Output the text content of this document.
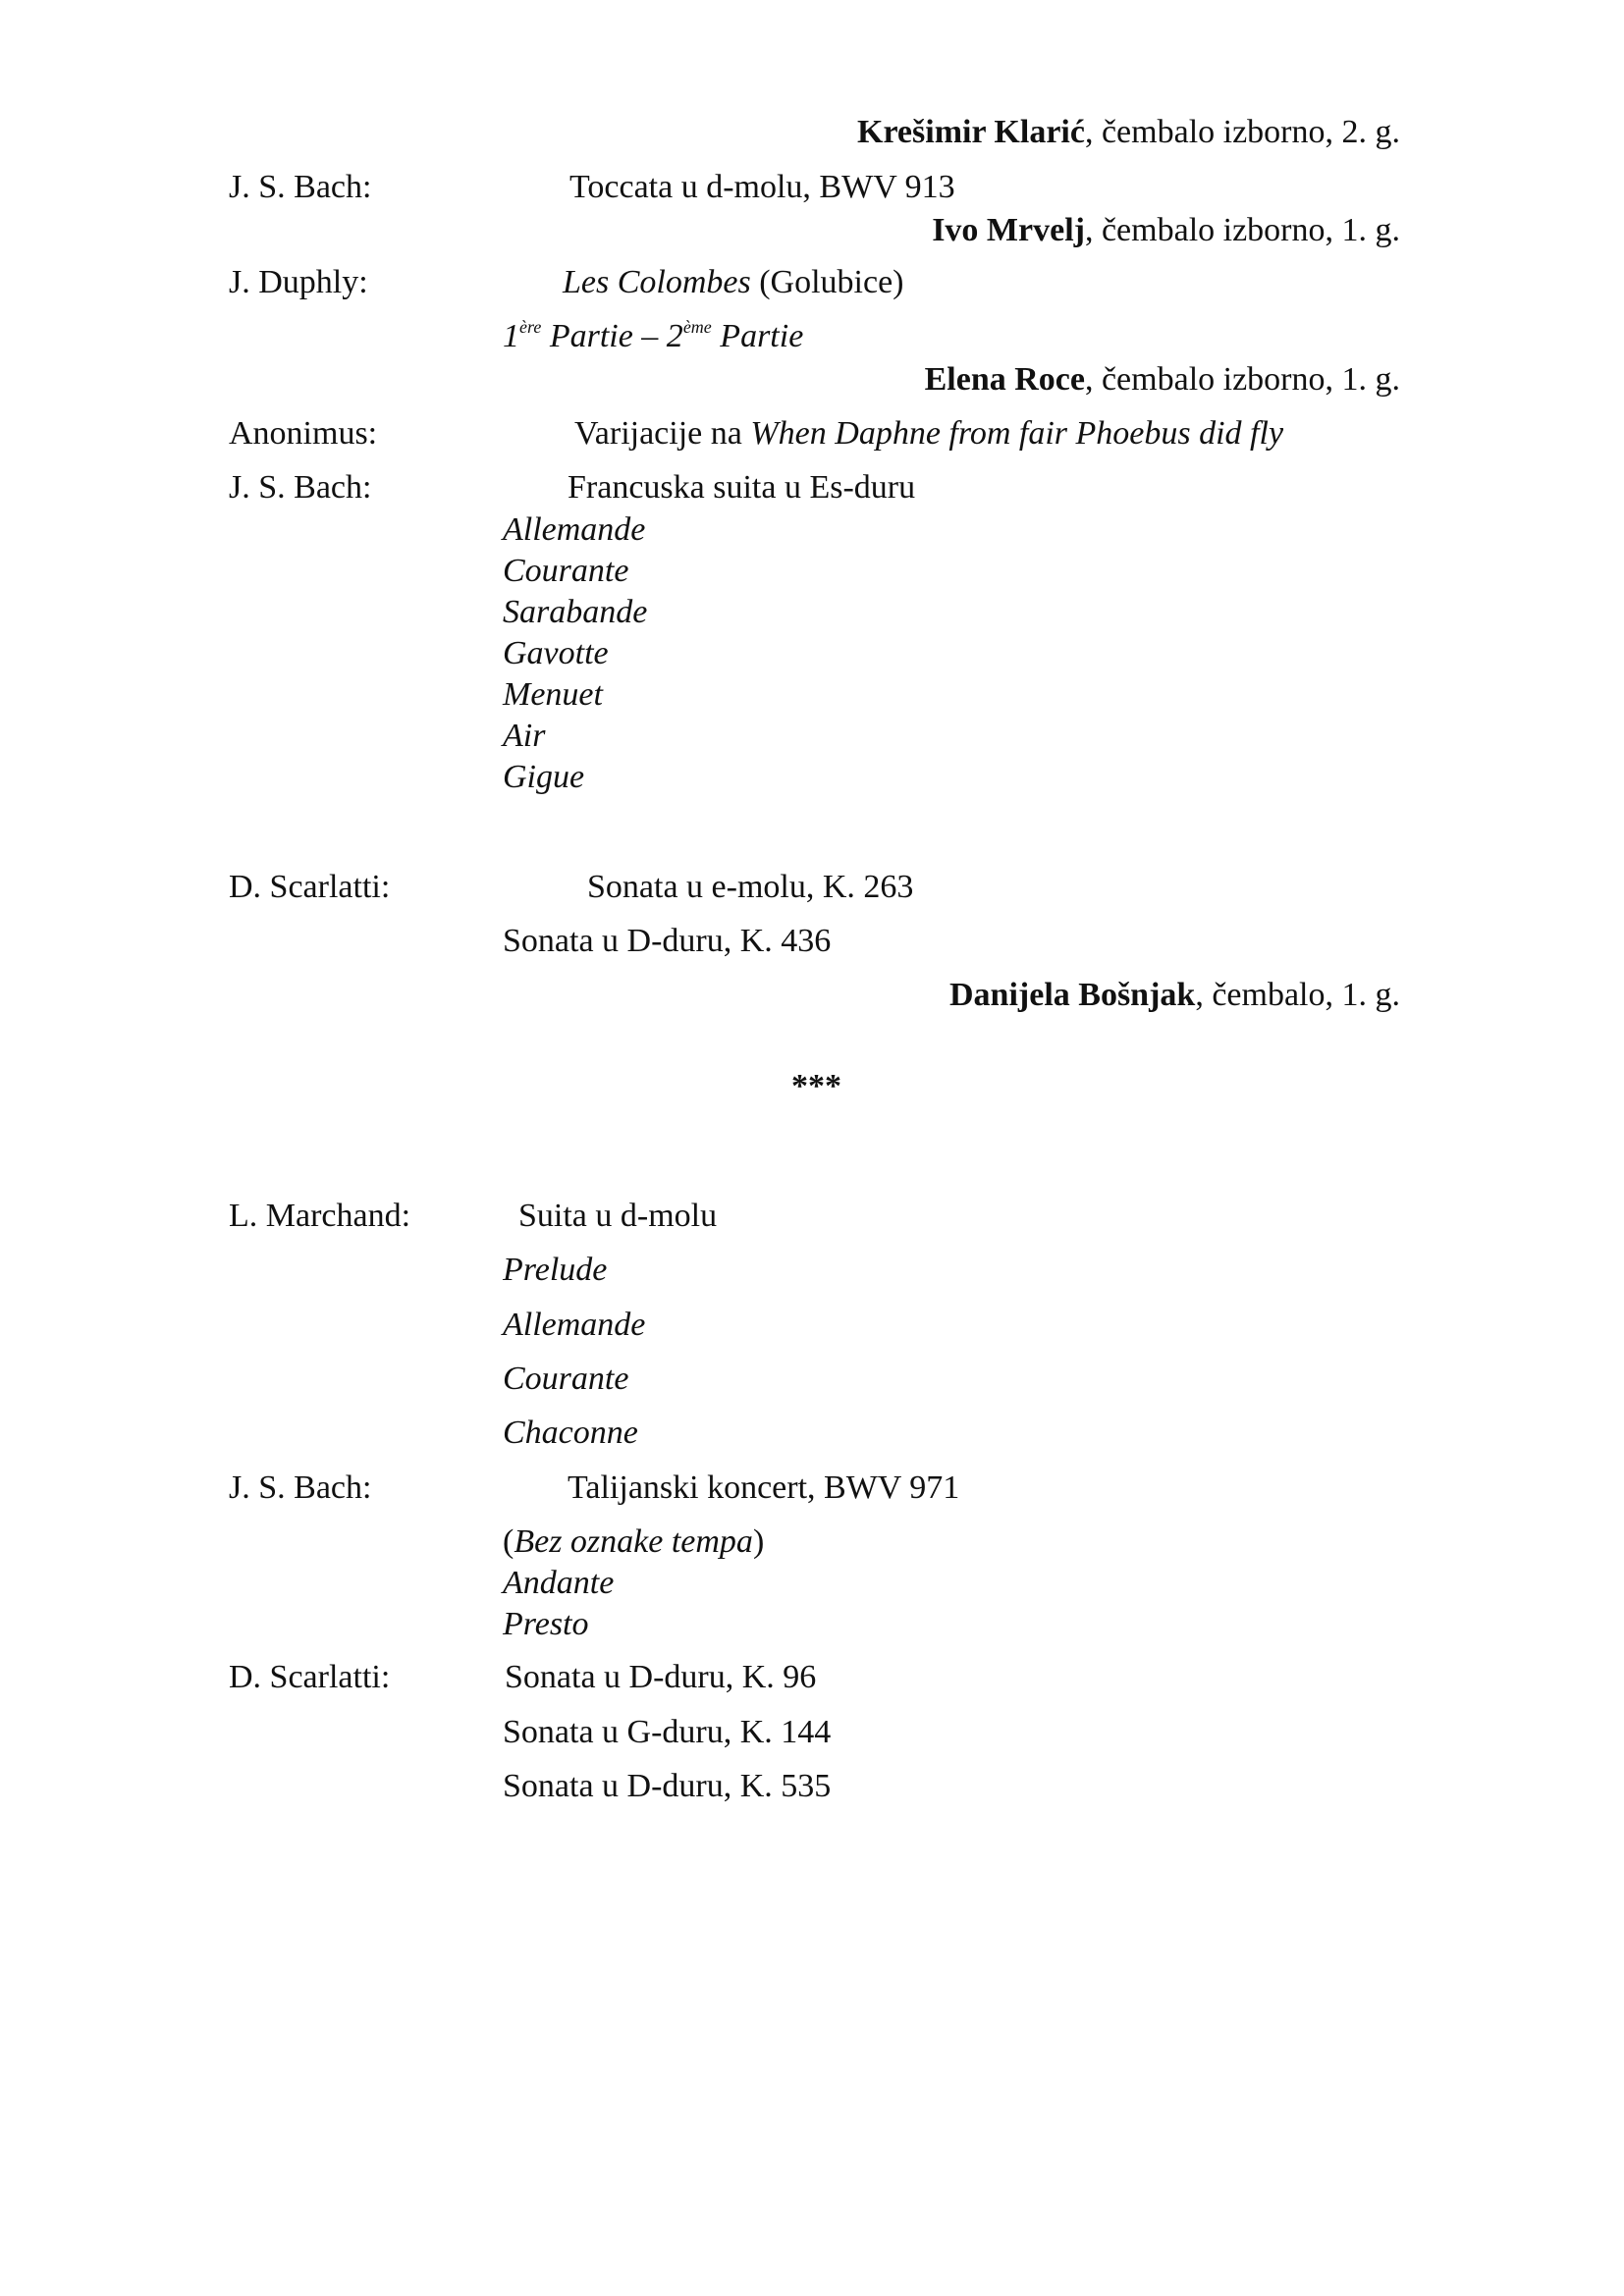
Krešimir Klarić, čembalo izborno, 2. g.
J. S. Bach:	Toccata u d-molu, BWV 913
Ivo Mrvelj, čembalo izborno, 1. g.
J. Duphly:	Les Colombes (Golubice)
1ère Partie – 2ème Partie
Elena Roce, čembalo izborno, 1. g.
Anonimus:	Varijacije na When Daphne from fair Phoebus did fly
J. S. Bach:	Francuska suita u Es-duru
Allemande
Courante
Sarabande
Gavotte
Menuet
Air
Gigue
D. Scarlatti:	Sonata u e-molu, K. 263
Sonata u D-duru, K. 436
Danijela Bošnjak, čembalo, 1. g.
***
L. Marchand:	Suita u d-molu
Prelude
Allemande
Courante
Chaconne
J. S. Bach:	Talijanski koncert, BWV 971
(Bez oznake tempa)
Andante
Presto
D. Scarlatti:	Sonata u D-duru, K. 96
Sonata u G-duru, K. 144
Sonata u D-duru, K. 535
